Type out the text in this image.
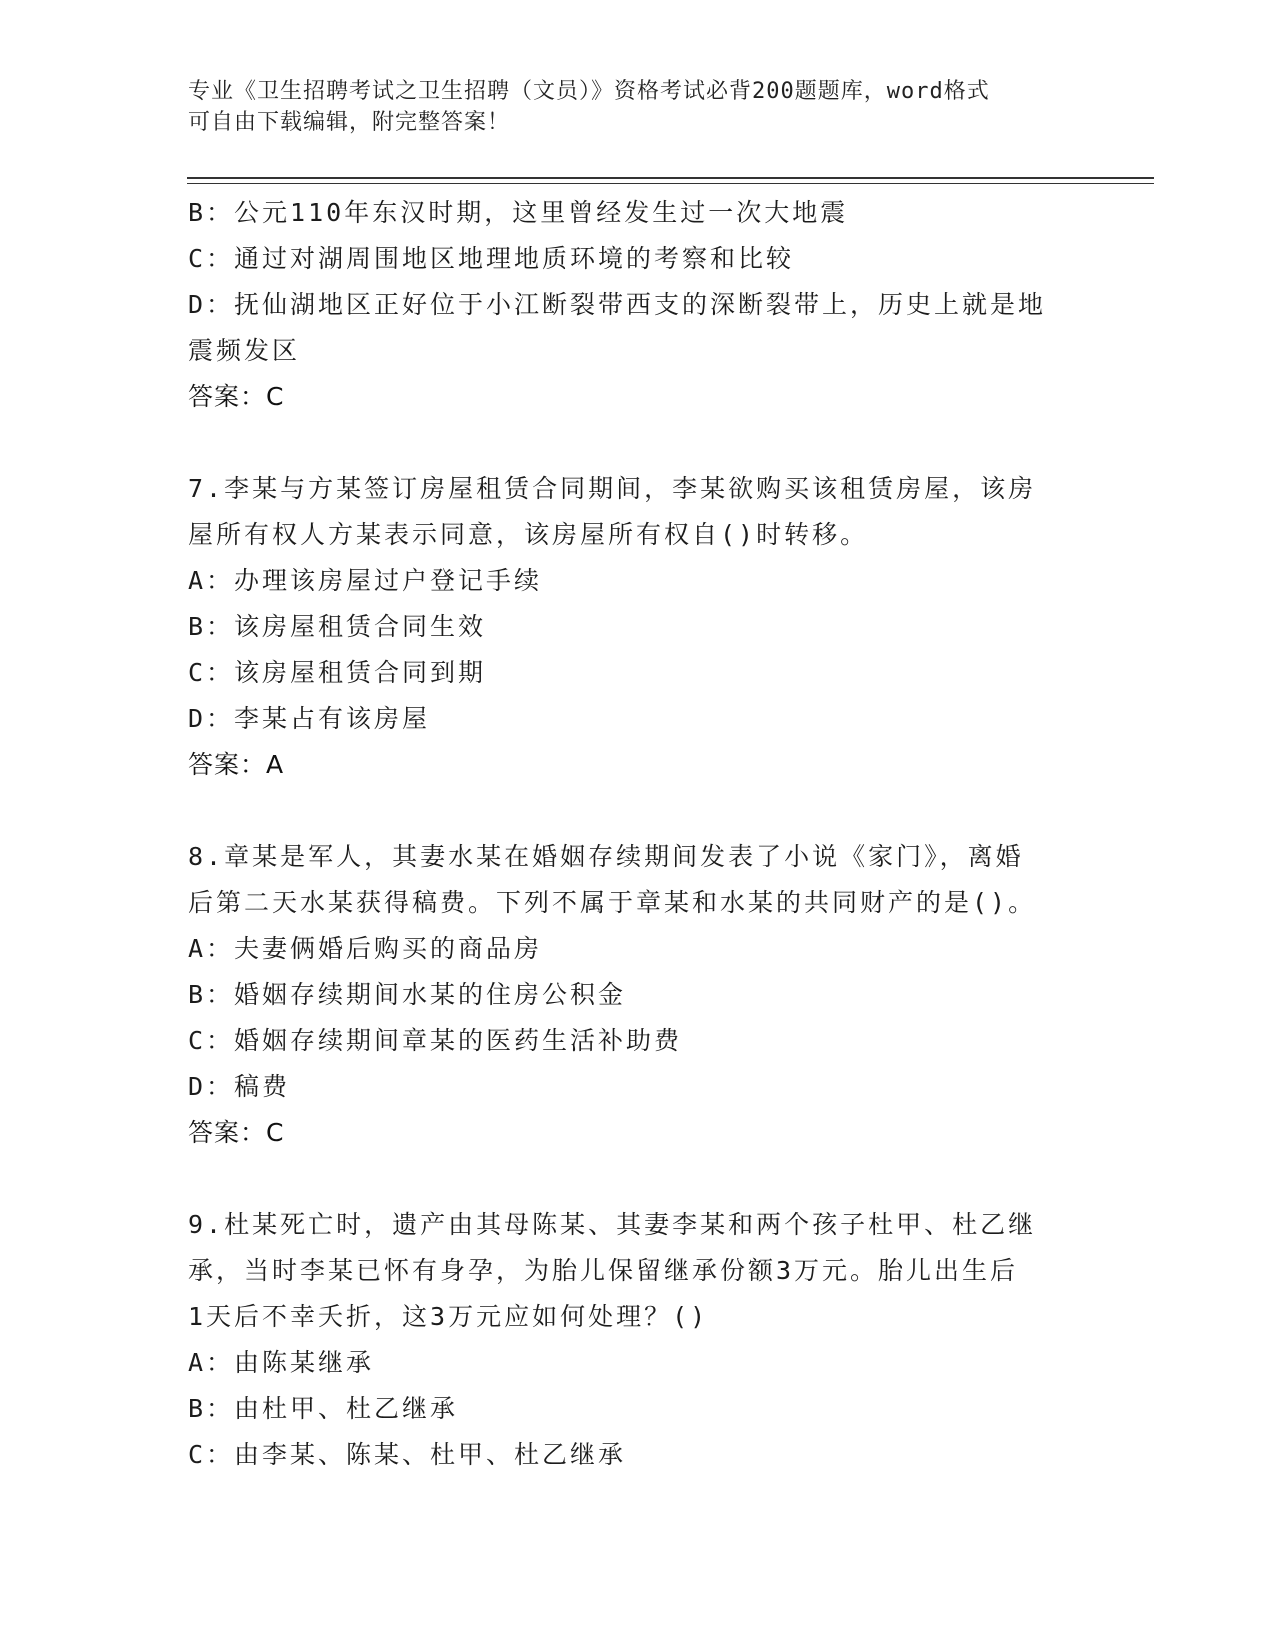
专业《卫生招聘考试之卫生招聘（文员）》资格考试必背200题题库，word格式
可自由下载编辑，附完整答案！
B：公元110年东汉时期，这里曾经发生过一次大地震
C：通过对湖周围地区地理地质环境的考察和比较
D：抚仙湖地区正好位于小江断裂带西支的深断裂带上，历史上就是地
震频发区
答案：C
7.李某与方某签订房屋租赁合同期间，李某欲购买该租赁房屋，该房
屋所有权人方某表示同意，该房屋所有权自()时转移。
A：办理该房屋过户登记手续
B：该房屋租赁合同生效
C：该房屋租赁合同到期
D：李某占有该房屋
答案：A
8.章某是军人，其妻水某在婚姻存续期间发表了小说《家门》，离婚
后第二天水某获得稿费。下列不属于章某和水某的共同财产的是()。
A：夫妻俩婚后购买的商品房
B：婚姻存续期间水某的住房公积金
C：婚姻存续期间章某的医药生活补助费
D：稿费
答案：C
9.杜某死亡时，遗产由其母陈某、其妻李某和两个孩子杜甲、杜乙继
承，当时李某已怀有身孕，为胎儿保留继承份额3万元。胎儿出生后
1天后不幸夭折，这3万元应如何处理？()
A：由陈某继承
B：由杜甲、杜乙继承
C：由李某、陈某、杜甲、杜乙继承
